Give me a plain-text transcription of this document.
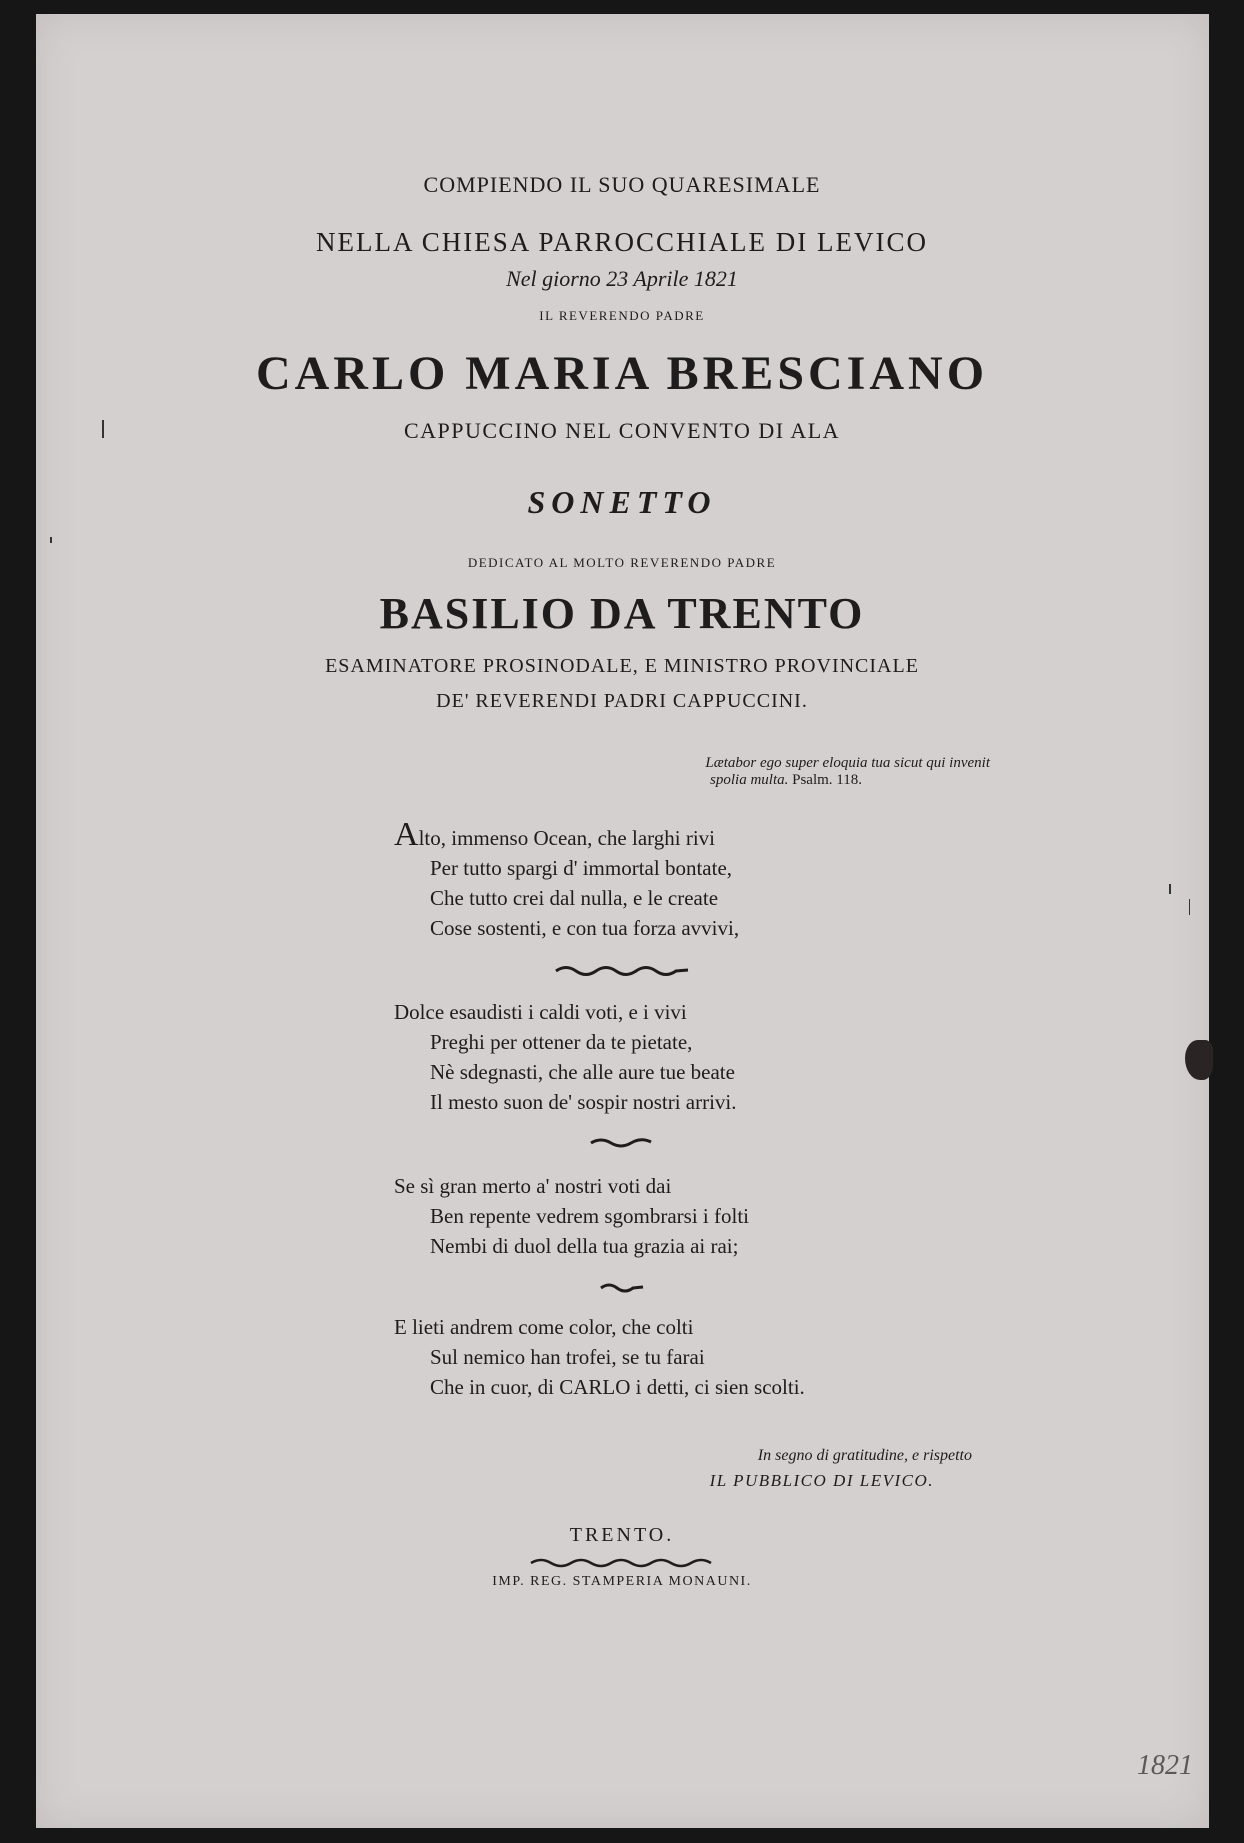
COMPIENDO IL SUO QUARESIMALE

NELLA CHIESA PARROCCHIALE DI LEVICO

Nel giorno 23 Aprile 1821

IL REVERENDO PADRE

CARLO MARIA BRESCIANO

CAPPUCCINO NEL CONVENTO DI ALA

SONETTO

DEDICATO AL MOLTO REVERENDO PADRE

BASILIO DA TRENTO

ESAMINATORE PROSINODALE, E MINISTRO PROVINCIALE

DE' REVERENDI PADRI CAPPUCCINI.

Lætabor ego super eloquia tua sicut qui invenit
spolia multa. Psalm. 118.
Alto, immenso Ocean, che larghi rivi
Per tutto spargi d' immortal bontate,
Che tutto crei dal nulla, e le create
Cose sostenti, e con tua forza avvivi,
Dolce esaudisti i caldi voti, e i vivi
Preghi per ottener da te pietate,
Nè sdegnasti, che alle aure tue beate
Il mesto suon de' sospir nostri arrivi.
Se sì gran merto a' nostri voti dai
Ben repente vedrem sgombrarsi i folti
Nembi di duol della tua grazia ai rai;
E lieti andrem come color, che colti
Sul nemico han trofei, se tu farai
Che in cuor, di CARLO i detti, ci sien scolti.
In segno di gratitudine, e rispetto
IL PUBBLICO DI LEVICO.

TRENTO.

IMP. REG. STAMPERIA MONAUNI.

1821
